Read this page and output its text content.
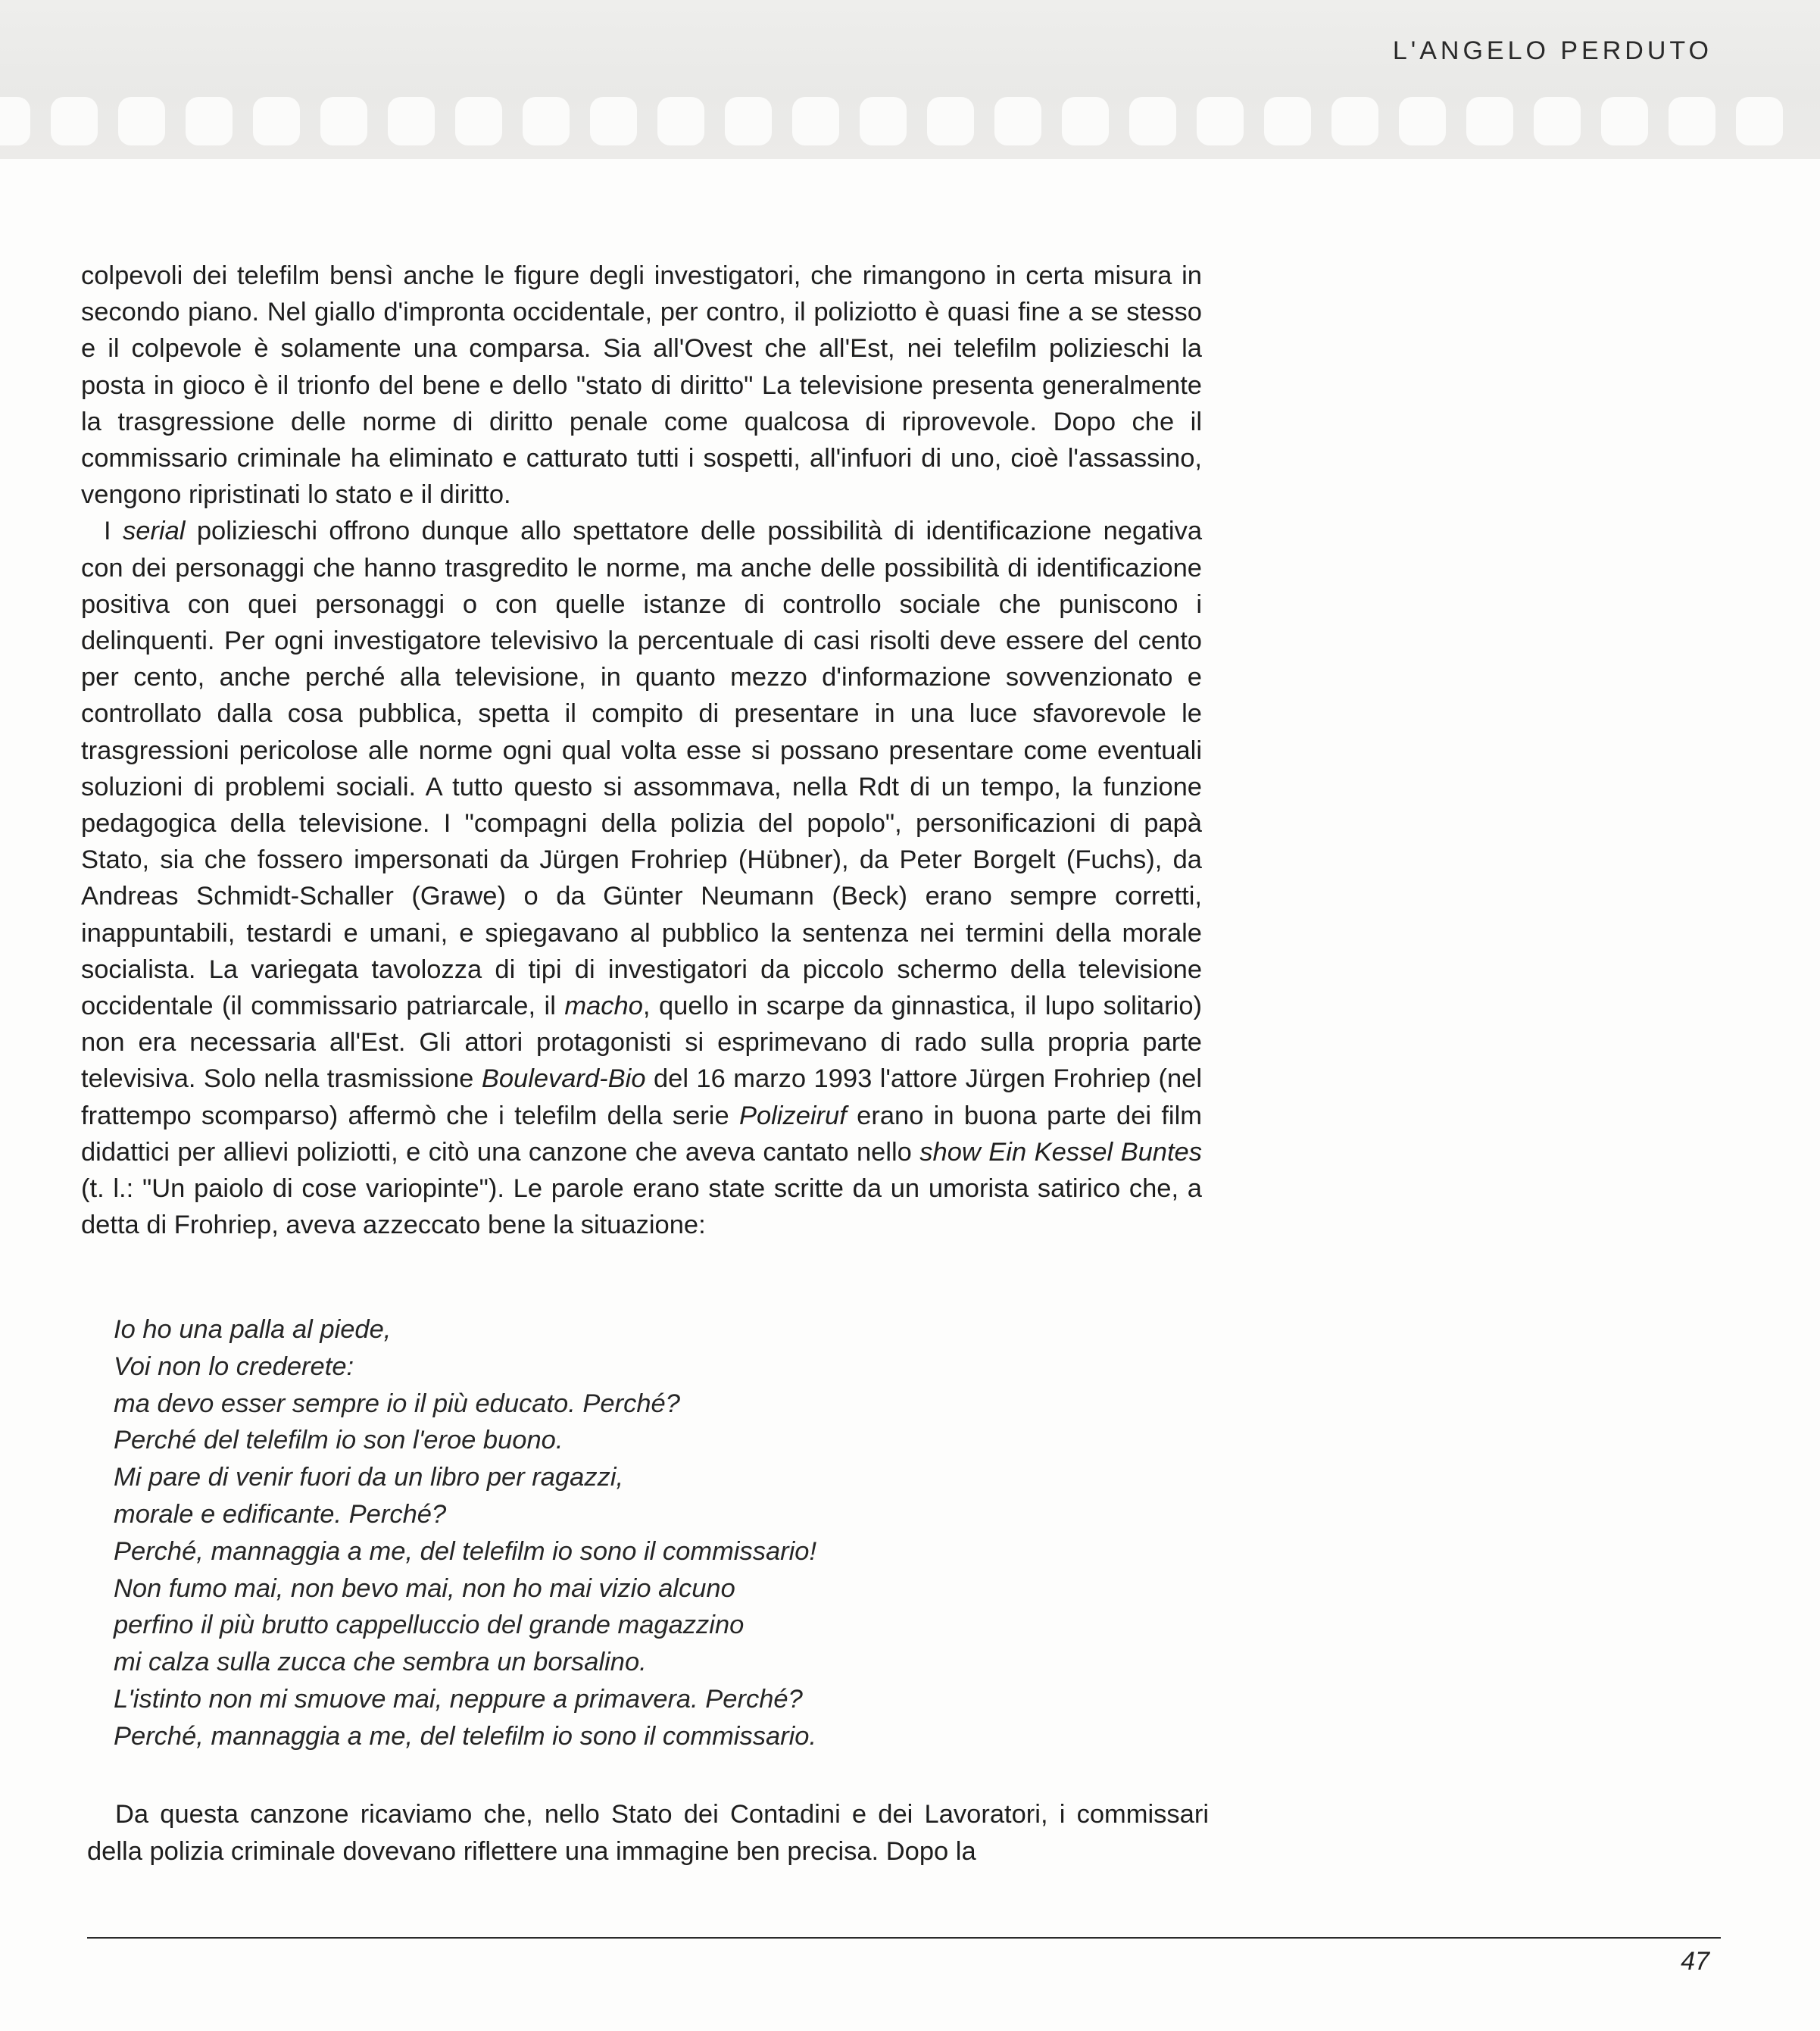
L'ANGELO PERDUTO

colpevoli dei telefilm bensì anche le figure degli investigatori, che rimangono in certa misura in secondo piano. Nel giallo d'impronta occidentale, per contro, il poliziotto è quasi fine a se stesso e il colpevole è solamente una comparsa. Sia all'Ovest che all'Est, nei telefilm polizieschi la posta in gioco è il trionfo del bene e dello "stato di diritto" La televisione presenta generalmente la trasgressione delle norme di diritto penale come qualcosa di riprovevole. Dopo che il commissario criminale ha eliminato e catturato tutti i sospetti, all'infuori di uno, cioè l'assassino, vengono ripristinati lo stato e il diritto.

I serial polizieschi offrono dunque allo spettatore delle possibilità di identificazione negativa con dei personaggi che hanno trasgredito le norme, ma anche delle possibilità di identificazione positiva con quei personaggi o con quelle istanze di controllo sociale che puniscono i delinquenti. Per ogni investigatore televisivo la percentuale di casi risolti deve essere del cento per cento, anche perché alla televisione, in quanto mezzo d'informazione sovvenzionato e controllato dalla cosa pubblica, spetta il compito di presentare in una luce sfavorevole le trasgressioni pericolose alle norme ogni qual volta esse si possano presentare come eventuali soluzioni di problemi sociali. A tutto questo si assommava, nella Rdt di un tempo, la funzione pedagogica della televisione. I "compagni della polizia del popolo", personificazioni di papà Stato, sia che fossero impersonati da Jürgen Frohriep (Hübner), da Peter Borgelt (Fuchs), da Andreas Schmidt-Schaller (Grawe) o da Günter Neumann (Beck) erano sempre corretti, inappuntabili, testardi e umani, e spiegavano al pubblico la sentenza nei termini della morale socialista. La variegata tavolozza di tipi di investigatori da piccolo schermo della televisione occidentale (il commissario patriarcale, il macho, quello in scarpe da ginnastica, il lupo solitario) non era necessaria all'Est. Gli attori protagonisti si esprimevano di rado sulla propria parte televisiva. Solo nella trasmissione Boulevard-Bio del 16 marzo 1993 l'attore Jürgen Frohriep (nel frattempo scomparso) affermò che i telefilm della serie Polizeiruf erano in buona parte dei film didattici per allievi poliziotti, e citò una canzone che aveva cantato nello show Ein Kessel Buntes (t. l.: "Un paiolo di cose variopinte"). Le parole erano state scritte da un umorista satirico che, a detta di Frohriep, aveva azzeccato bene la situazione:

Io ho una palla al piede,
Voi non lo crederete:
ma devo esser sempre io il più educato. Perché?
Perché del telefilm io son l'eroe buono.
Mi pare di venir fuori da un libro per ragazzi,
morale e edificante. Perché?
Perché, mannaggia a me, del telefilm io sono il commissario!
Non fumo mai, non bevo mai, non ho mai vizio alcuno
perfino il più brutto cappelluccio del grande magazzino
mi calza sulla zucca che sembra un borsalino.
L'istinto non mi smuove mai, neppure a primavera. Perché?
Perché, mannaggia a me, del telefilm io sono il commissario.

Da questa canzone ricaviamo che, nello Stato dei Contadini e dei Lavoratori, i commissari della polizia criminale dovevano riflettere una immagine ben precisa. Dopo la

47
